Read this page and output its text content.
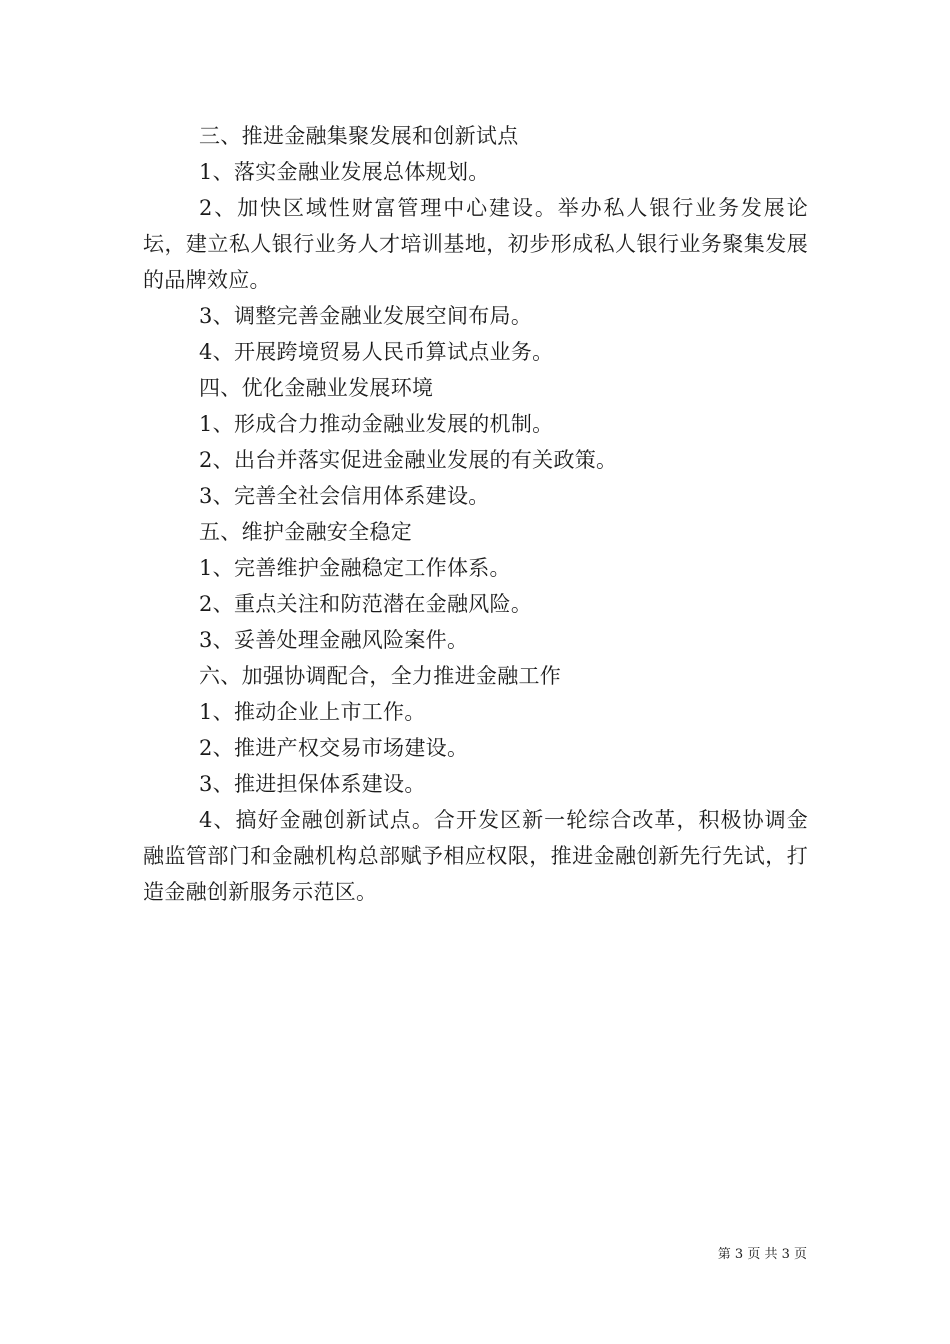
三、推进金融集聚发展和创新试点

1、落实金融业发展总体规划。

2、加快区域性财富管理中心建设。举办私人银行业务发展论坛，建立私人银行业务人才培训基地，初步形成私人银行业务聚集发展的品牌效应。

3、调整完善金融业发展空间布局。

4、开展跨境贸易人民币算试点业务。

四、优化金融业发展环境

1、形成合力推动金融业发展的机制。

2、出台并落实促进金融业发展的有关政策。

3、完善全社会信用体系建设。

五、维护金融安全稳定

1、完善维护金融稳定工作体系。

2、重点关注和防范潜在金融风险。

3、妥善处理金融风险案件。

六、加强协调配合，全力推进金融工作

1、推动企业上市工作。

2、推进产权交易市场建设。

3、推进担保体系建设。

4、搞好金融创新试点。合开发区新一轮综合改革，积极协调金融监管部门和金融机构总部赋予相应权限，推进金融创新先行先试，打造金融创新服务示范区。

第 3 页 共 3 页
